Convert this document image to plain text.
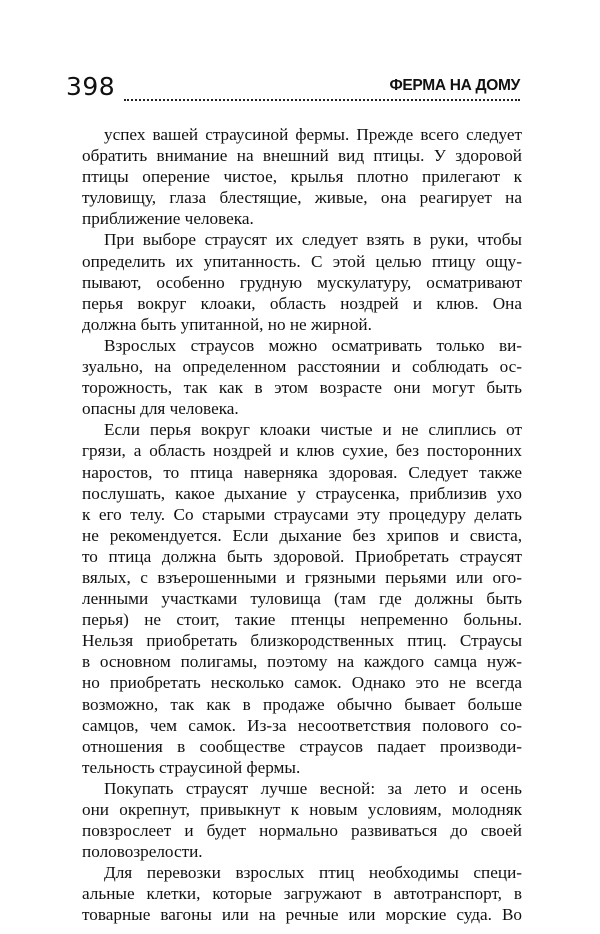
398	ФЕРМА НА ДОМУ
успех вашей страусиной фермы. Прежде всего следует
обратить внимание на внешний вид птицы. У здоровой
птицы оперение чистое, крылья плотно прилегают к
туловищу, глаза блестящие, живые, она реагирует на
приближение человека.
При выборе страусят их следует взять в руки, чтобы
определить их упитанность. С этой целью птицу ощу-
пывают, особенно грудную мускулатуру, осматривают
перья вокруг клоаки, область ноздрей и клюв. Она
должна быть упитанной, но не жирной.
Взрослых страусов можно осматривать только ви-
зуально, на определенном расстоянии и соблюдать ос-
торожность, так как в этом возрасте они могут быть
опасны для человека.
Если перья вокруг клоаки чистые и не слиплись от
грязи, а область ноздрей и клюв сухие, без посторонних
наростов, то птица наверняка здоровая. Следует также
послушать, какое дыхание у страусенка, приблизив ухо
к его телу. Со старыми страусами эту процедуру делать
не рекомендуется. Если дыхание без хрипов и свиста,
то птица должна быть здоровой. Приобретать страусят
вялых, с взъерошенными и грязными перьями или ого-
ленными участками туловища (там где должны быть
перья) не стоит, такие птенцы непременно больны.
Нельзя приобретать близкородственных птиц. Страусы
в основном полигамы, поэтому на каждого самца нуж-
но приобретать несколько самок. Однако это не всегда
возможно, так как в продаже обычно бывает больше
самцов, чем самок. Из-за несоответствия полового со-
отношения в сообществе страусов падает производи-
тельность страусиной фермы.
Покупать страусят лучше весной: за лето и осень
они окрепнут, привыкнут к новым условиям, молодняк
повзрослеет и будет нормально развиваться до своей
половозрелости.
Для перевозки взрослых птиц необходимы специ-
альные клетки, которые загружают в автотранспорт, в
товарные вагоны или на речные или морские суда. Во
